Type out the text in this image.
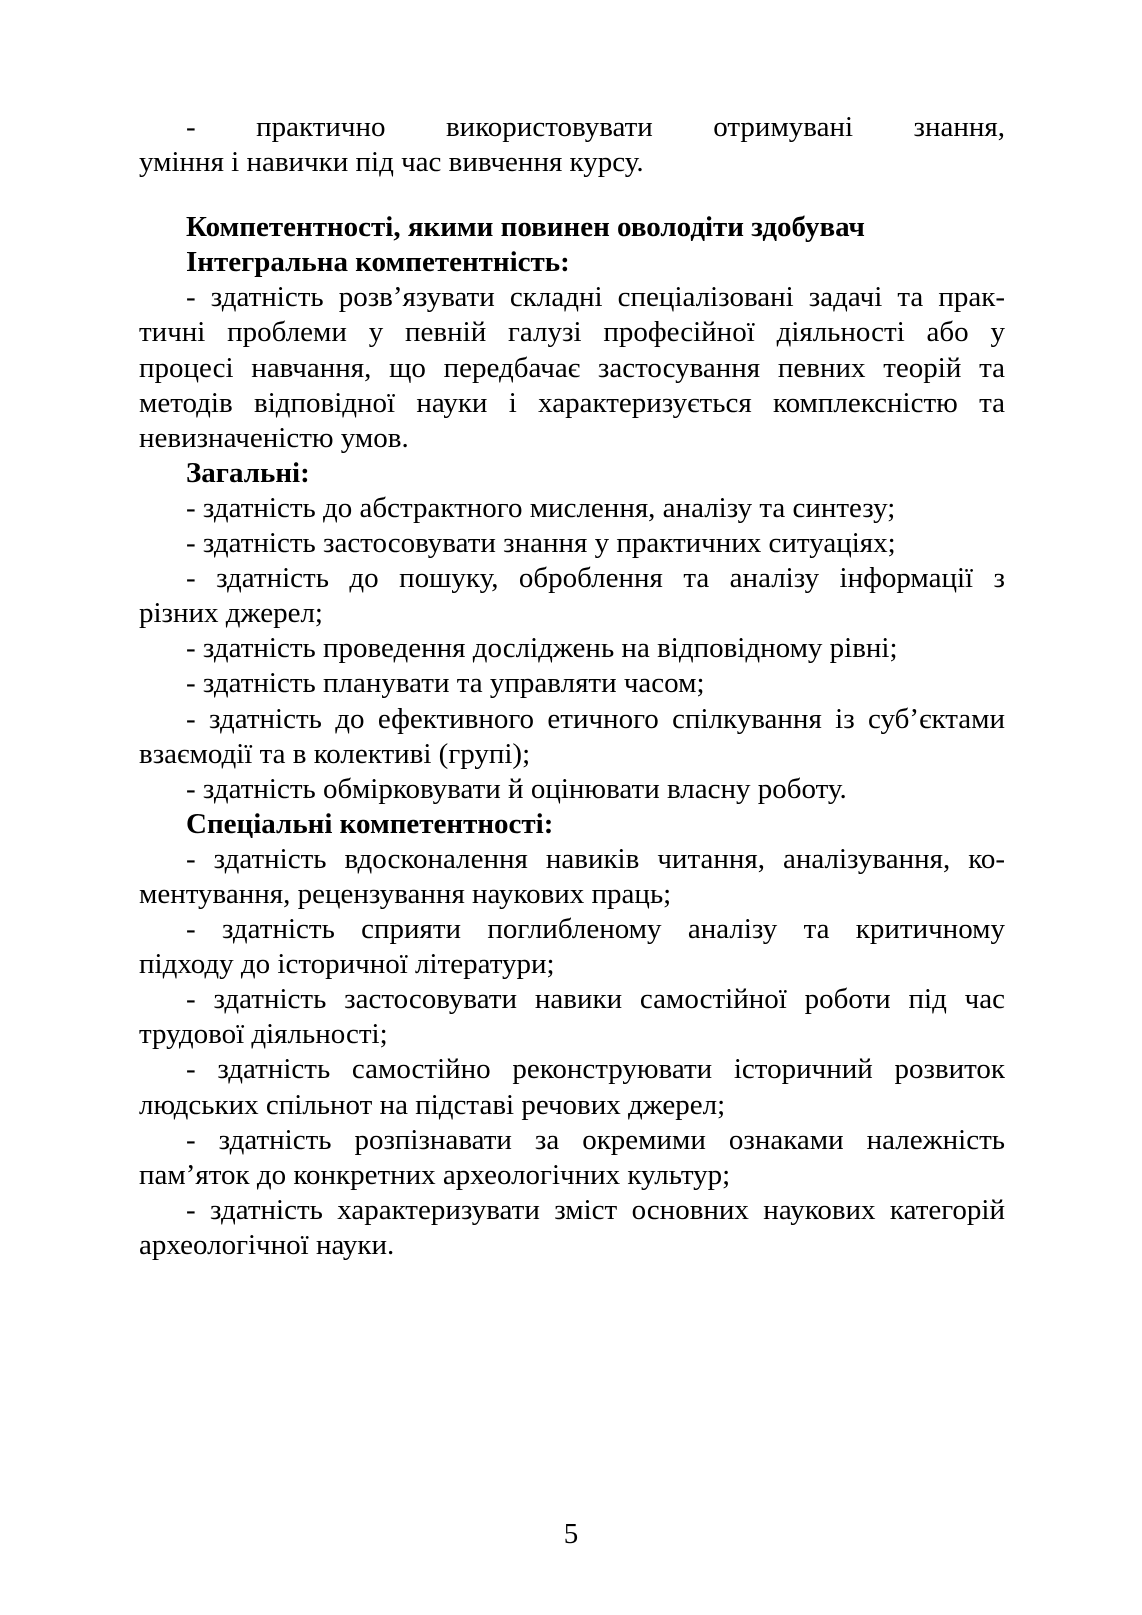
- практично використовувати отримувані знання,
уміння і навички під час вивчення курсу.
Компетентності, якими повинен оволодіти здобувач
Інтегральна компетентність:
- здатність розв’язувати складні спеціалізовані задачі та прак-
тичні проблеми у певній галузі професійної діяльності або у
процесі навчання, що передбачає застосування певних теорій та
методів відповідної науки і характеризується комплексністю та
невизначеністю умов.
Загальні:
- здатність до абстрактного мислення, аналізу та синтезу;
- здатність застосовувати знання у практичних ситуаціях;
- здатність до пошуку, оброблення та аналізу інформації з
різних джерел;
- здатність проведення досліджень на відповідному рівні;
- здатність планувати та управляти часом;
- здатність до ефективного етичного спілкування із суб’єктами
взаємодії та в колективі (групі);
- здатність обмірковувати й оцінювати власну роботу.
Спеціальні компетентності:
- здатність вдосконалення навиків читання, аналізування, ко-
ментування, рецензування наукових праць;
- здатність сприяти поглибленому аналізу та критичному
підходу до історичної літератури;
- здатність застосовувати навики самостійної роботи під час
трудової діяльності;
- здатність самостійно реконструювати історичний розвиток
людських спільнот на підставі речових джерел;
- здатність розпізнавати за окремими ознаками належність
пам’яток до конкретних археологічних культур;
- здатність характеризувати зміст основних наукових категорій
археологічної науки.
5
